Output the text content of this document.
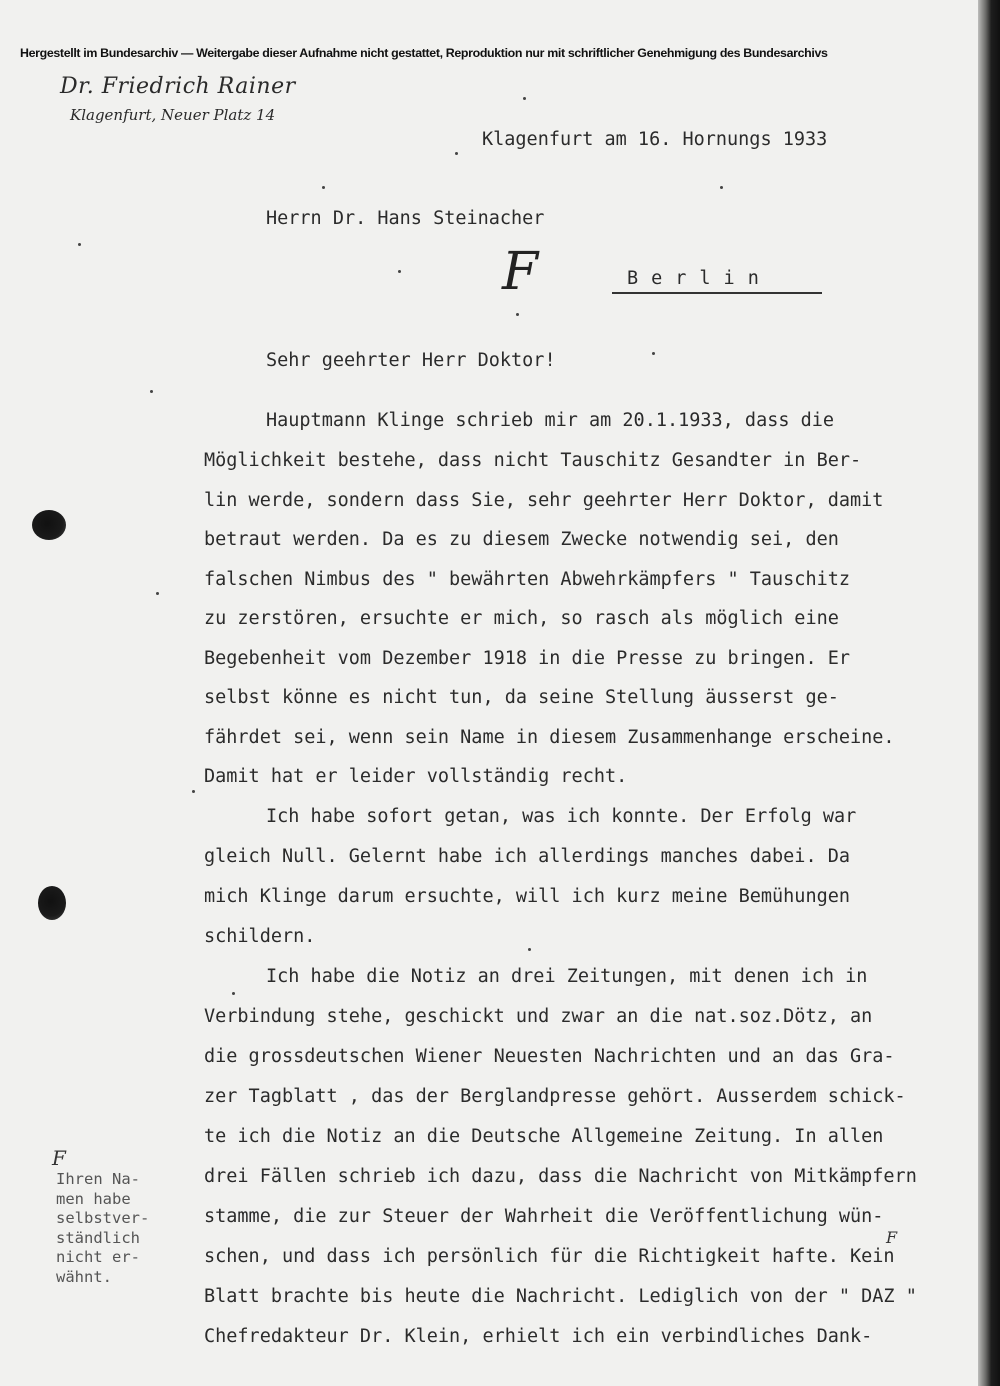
Hergestellt im Bundesarchiv — Weitergabe dieser Aufnahme nicht gestattet, Reproduktion nur mit schriftlicher Genehmigung des Bundesarchivs
Dr. Friedrich Rainer
Klagenfurt, Neuer Platz 14
Klagenfurt am 16. Hornungs 1933
Herrn Dr. Hans Steinacher
F	Berlin
Sehr geehrter Herr Doktor!
Hauptmann Klinge schrieb mir am 20.1.1933, dass die
Möglichkeit bestehe, dass nicht Tauschitz Gesandter in Ber-
lin werde, sondern dass Sie, sehr geehrter Herr Doktor, damit
betraut werden. Da es zu diesem Zwecke notwendig sei, den
falschen Nimbus des " bewährten Abwehrkämpfers " Tauschitz
zu zerstören, ersuchte er mich, so rasch als möglich eine
Begebenheit vom Dezember 1918 in die Presse zu bringen. Er
selbst könne es nicht tun, da seine Stellung äusserst ge-
fährdet sei, wenn sein Name in diesem Zusammenhange erscheine.
Damit hat er leider vollständig recht.
Ich habe sofort getan, was ich konnte. Der Erfolg war
gleich Null. Gelernt habe ich allerdings manches dabei. Da
mich Klinge darum ersuchte, will ich kurz meine Bemühungen
schildern.
Ich habe die Notiz an drei Zeitungen, mit denen ich in
Verbindung stehe, geschickt und zwar an die nat.soz.Dötz, an
die grossdeutschen Wiener Neuesten Nachrichten und an das Gra-
zer Tagblatt , das der Berglandpresse gehört. Ausserdem schick-
te ich die Notiz an die Deutsche Allgemeine Zeitung. In allen
drei Fällen schrieb ich dazu, dass die Nachricht von Mitkämpfern
stamme, die zur Steuer der Wahrheit die Veröffentlichung wün-
schen, und dass ich persönlich für die Richtigkeit hafte. Kein
Blatt brachte bis heute die Nachricht. Lediglich von der " DAZ "
Chefredakteur Dr. Klein, erhielt ich ein verbindliches Dank-
F
F
Ihren Na-
men habe
selbstver-
ständlich
nicht er-
wähnt.
